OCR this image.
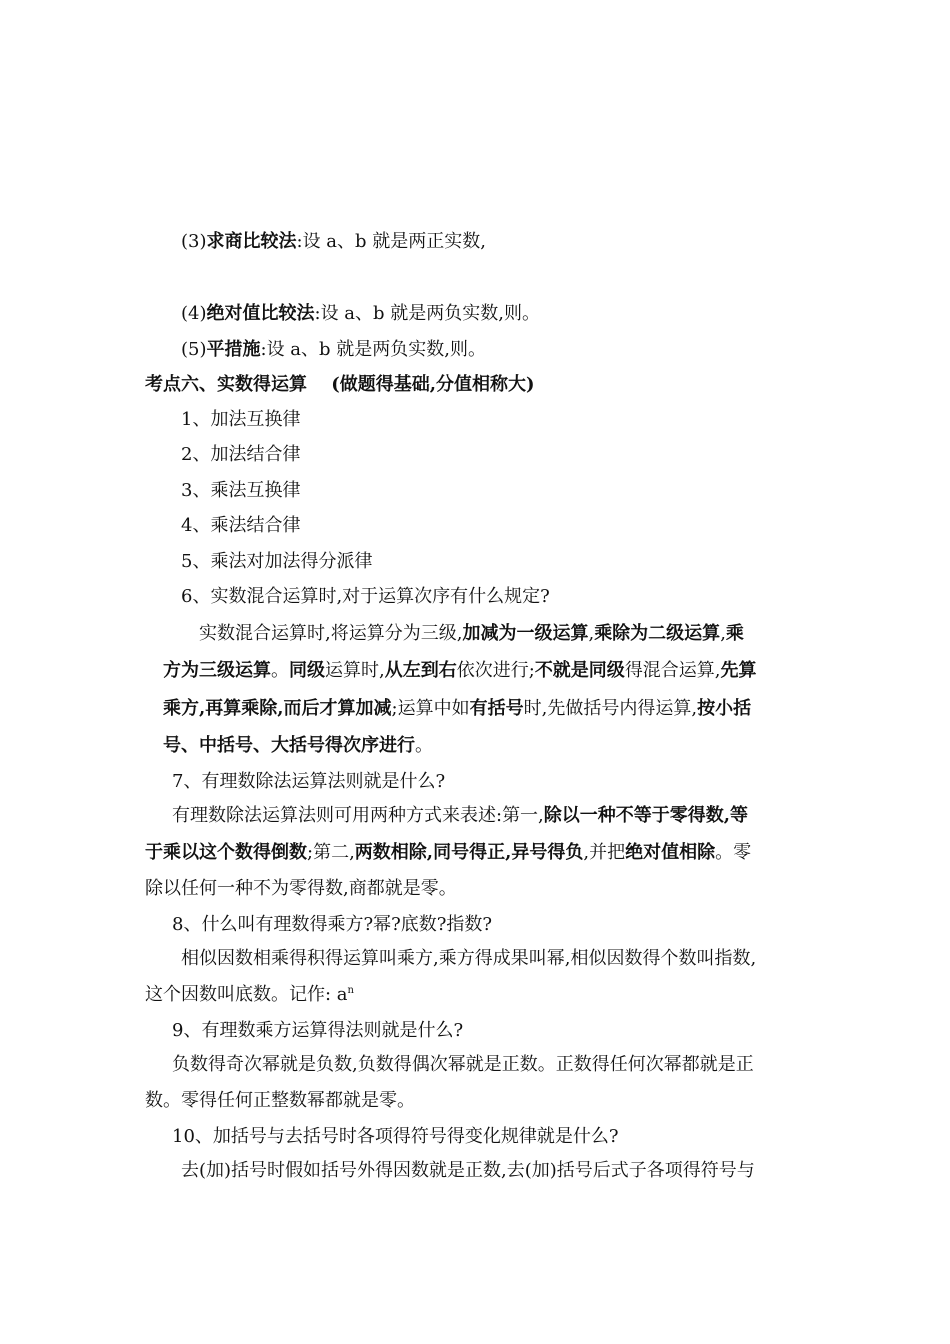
(3)求商比较法:设 a、b 就是两正实数,

(4)绝对值比较法:设 a、b 就是两负实数,则。

(5)平措施:设 a、b 就是两负实数,则。

考点六、实数得运算 　(做题得基础,分值相称大)

1、加法互换律

2、加法结合律

3、乘法互换律

4、乘法结合律

5、乘法对加法得分派律

6、实数混合运算时,对于运算次序有什么规定?

实数混合运算时,将运算分为三级,加减为一级运算,乘除为二级运算,乘

方为三级运算。同级运算时,从左到右依次进行;不就是同级得混合运算,先算

乘方,再算乘除,而后才算加减;运算中如有括号时,先做括号内得运算,按小括

号、中括号、大括号得次序进行。

7、有理数除法运算法则就是什么?

有理数除法运算法则可用两种方式来表述:第一,除以一种不等于零得数,等

于乘以这个数得倒数;第二,两数相除,同号得正,异号得负,并把绝对值相除。零

除以任何一种不为零得数,商都就是零。

8、什么叫有理数得乘方?幂?底数?指数?

相似因数相乘得积得运算叫乘方,乘方得成果叫幂,相似因数得个数叫指数,

这个因数叫底数。记作: $a^n$

9、有理数乘方运算得法则就是什么?

负数得奇次幂就是负数,负数得偶次幂就是正数。正数得任何次幂都就是正

数。零得任何正整数幂都就是零。

10、加括号与去括号时各项得符号得变化规律就是什么?

去(加)括号时假如括号外得因数就是正数,去(加)括号后式子各项得符号与
